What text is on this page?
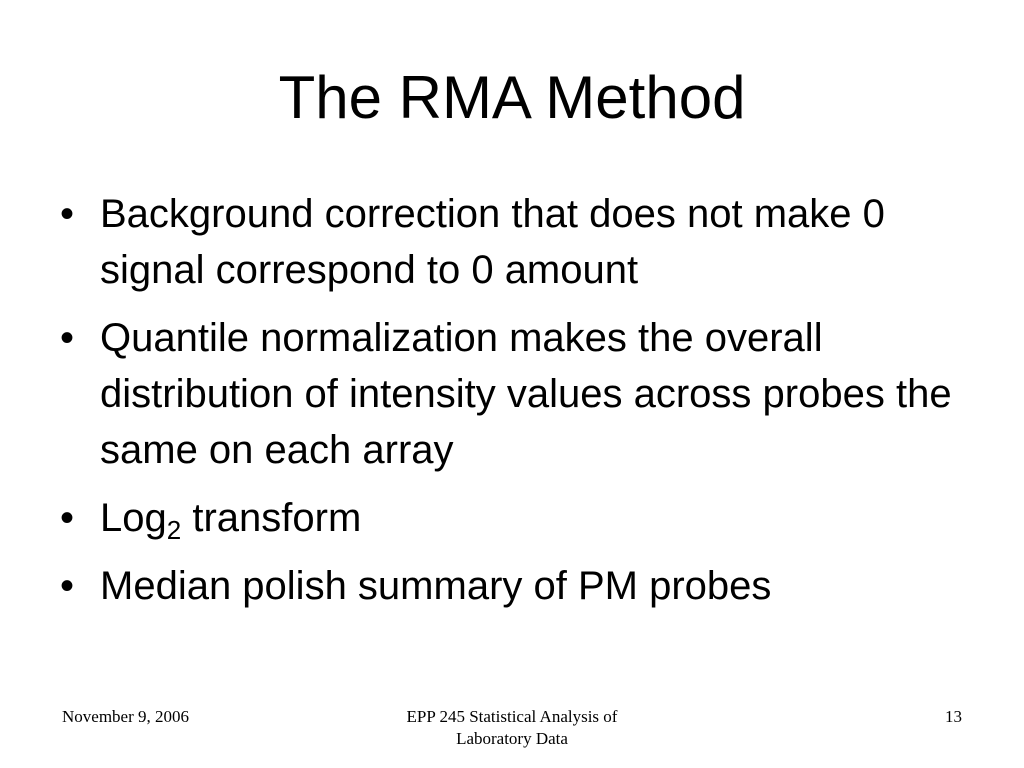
The RMA Method
• Background correction that does not make 0 signal correspond to 0 amount
• Quantile normalization makes the overall distribution of intensity values across probes the same on each array
• Log$_2$ transform
• Median polish summary of PM probes
November 9, 2006	EPP 245 Statistical Analysis of
Laboratory Data
13
